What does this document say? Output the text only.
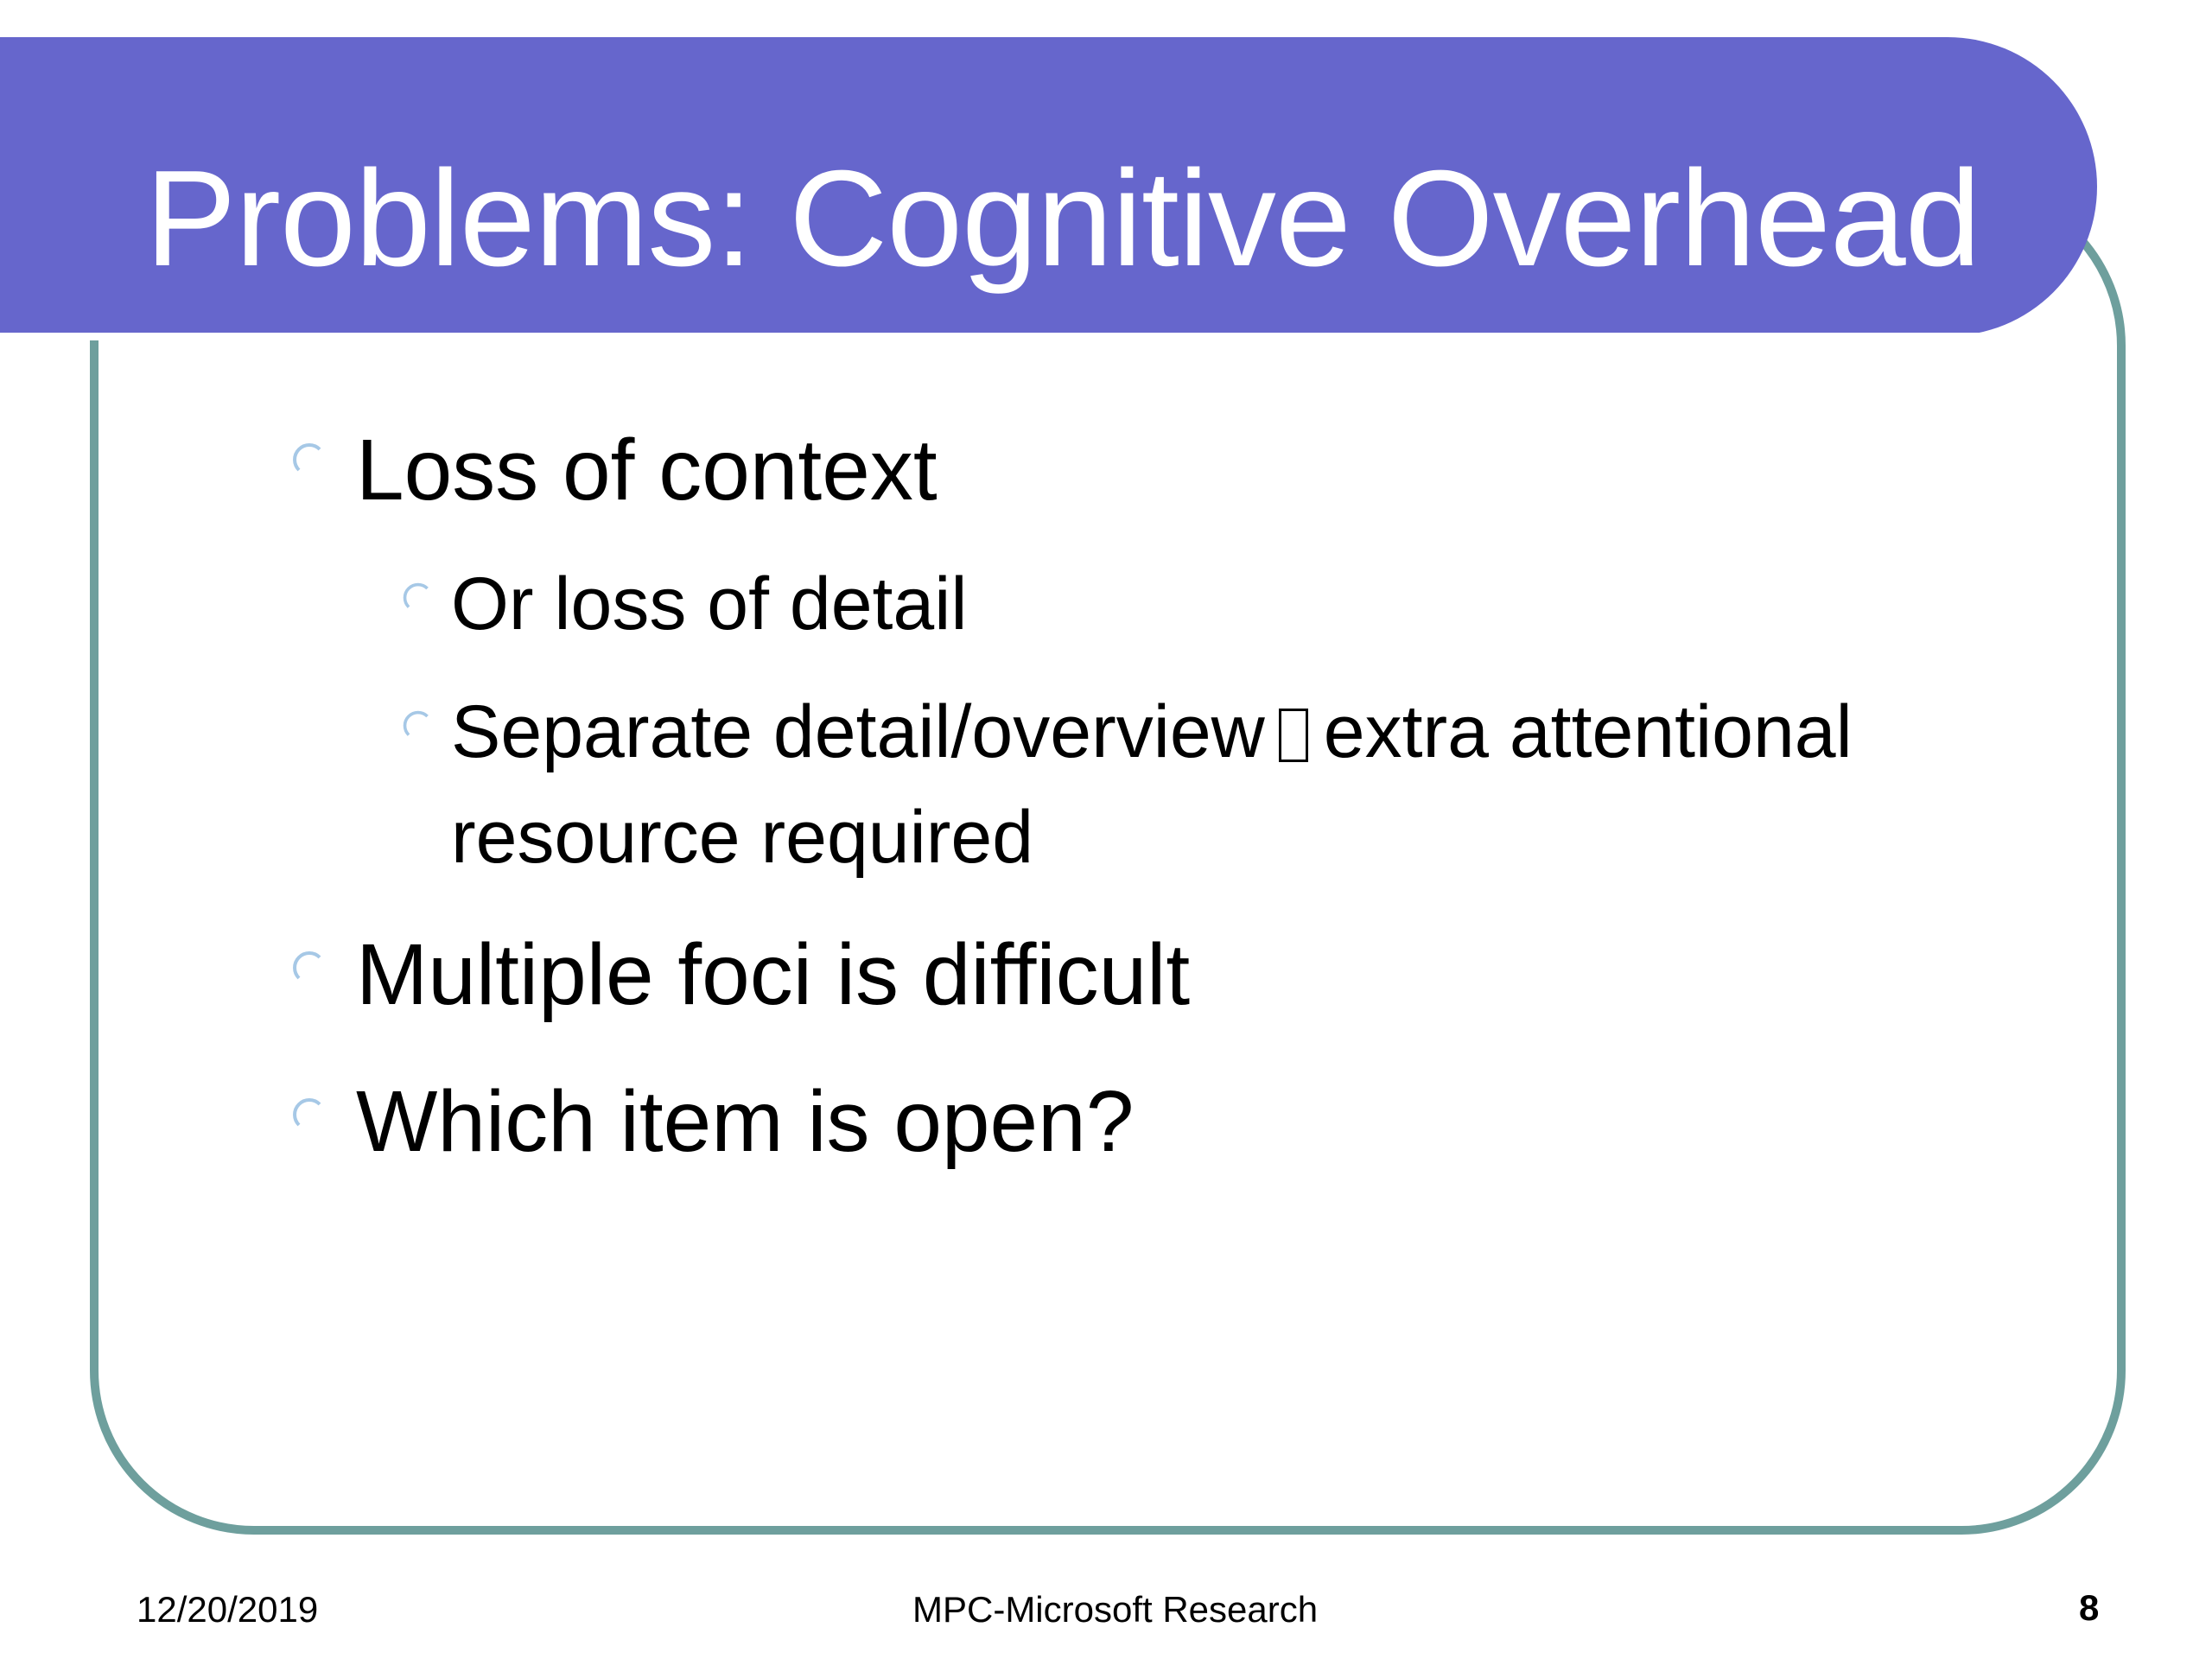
Problems: Cognitive Overhead
Loss of context
Or loss of detail
Separate detail/overview extra attentional
resource required
Multiple foci is difficult
Which item is open?
12/20/2019	MPC-Microsoft Research	8
